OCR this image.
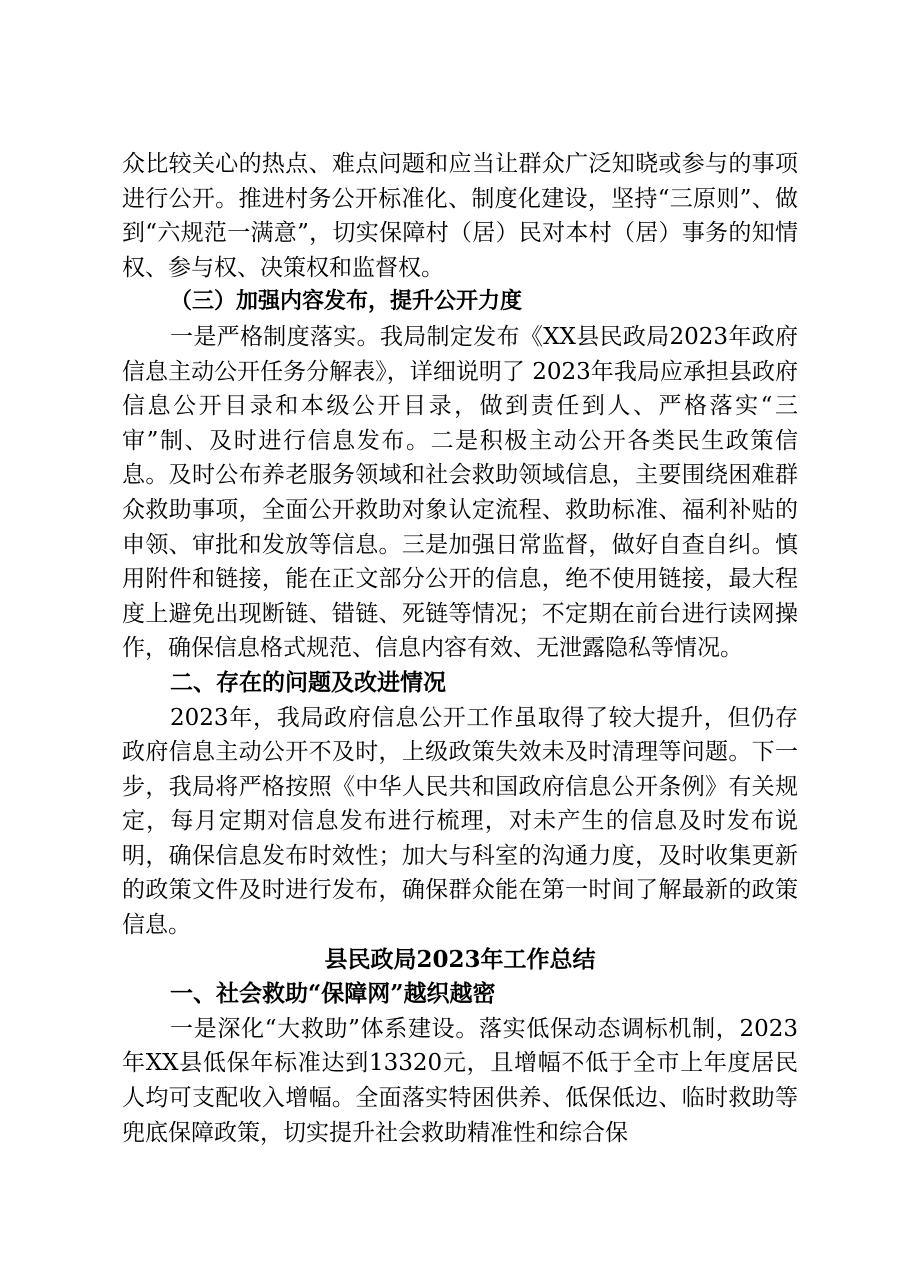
众比较关心的热点、难点问题和应当让群众广泛知晓或参与的事项进行公开。推进村务公开标准化、制度化建设，坚持“三原则”、做到“六规范一满意”，切实保障村（居）民对本村（居）事务的知情权、参与权、决策权和监督权。

（三）加强内容发布，提升公开力度

一是严格制度落实。我局制定发布《XX县民政局2023年政府信息主动公开任务分解表》，详细说明了 2023年我局应承担县政府信息公开目录和本级公开目录，做到责任到人、严格落实“三审”制、及时进行信息发布。二是积极主动公开各类民生政策信息。及时公布养老服务领域和社会救助领域信息，主要围绕困难群众救助事项，全面公开救助对象认定流程、救助标准、福利补贴的申领、审批和发放等信息。三是加强日常监督，做好自查自纠。慎用附件和链接，能在正文部分公开的信息，绝不使用链接，最大程度上避免出现断链、错链、死链等情况；不定期在前台进行读网操作，确保信息格式规范、信息内容有效、无泄露隐私等情况。

二、存在的问题及改进情况

2023年，我局政府信息公开工作虽取得了较大提升，但仍存政府信息主动公开不及时，上级政策失效未及时清理等问题。下一步，我局将严格按照《中华人民共和国政府信息公开条例》有关规定，每月定期对信息发布进行梳理，对未产生的信息及时发布说明，确保信息发布时效性；加大与科室的沟通力度，及时收集更新的政策文件及时进行发布，确保群众能在第一时间了解最新的政策信息。

县民政局2023年工作总结

一、社会救助“保障网”越织越密

一是深化“大救助”体系建设。落实低保动态调标机制，2023年XX县低保年标准达到13320元，且增幅不低于全市上年度居民人均可支配收入增幅。全面落实特困供养、低保低边、临时救助等兜底保障政策，切实提升社会救助精准性和综合保
